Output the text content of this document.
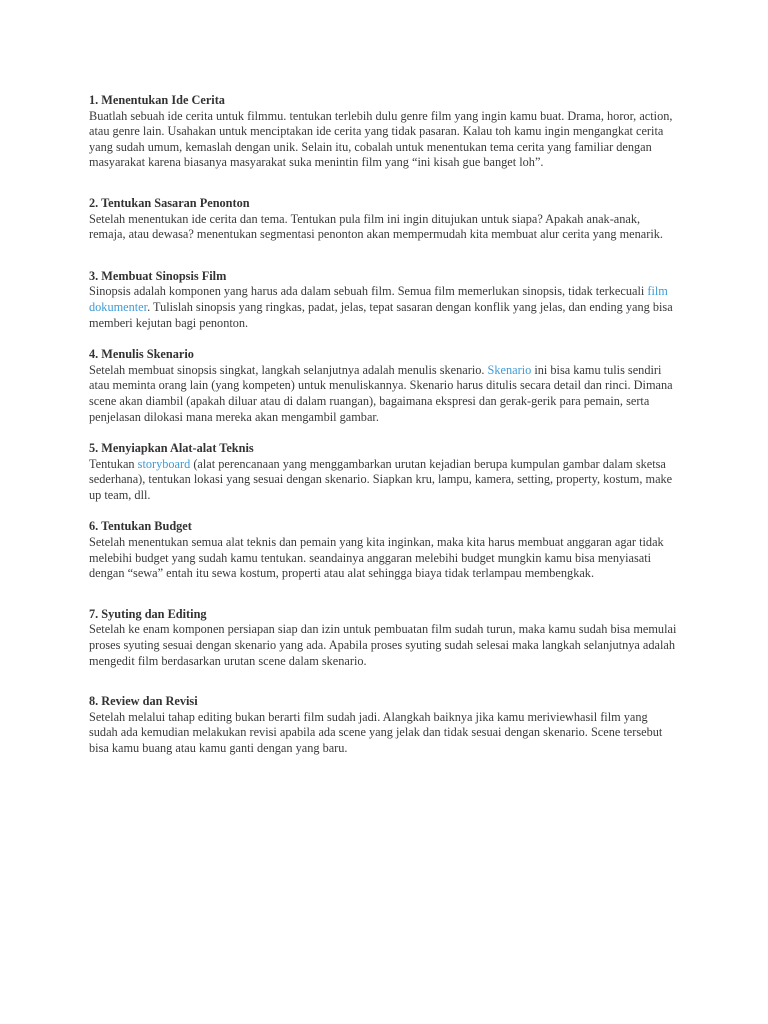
1. Menentukan Ide Cerita
Buatlah sebuah ide cerita untuk filmmu. tentukan terlebih dulu genre film yang ingin kamu buat. Drama, horor, action, atau genre lain. Usahakan untuk menciptakan ide cerita yang tidak pasaran. Kalau toh kamu ingin mengangkat cerita yang sudah umum, kemaslah dengan unik. Selain itu, cobalah untuk menentukan tema cerita yang familiar dengan masyarakat karena biasanya masyarakat suka menintin film yang “ini kisah gue banget loh”.
2. Tentukan Sasaran Penonton
Setelah menentukan ide cerita dan tema. Tentukan pula film ini ingin ditujukan untuk siapa? Apakah anak-anak, remaja, atau dewasa? menentukan segmentasi penonton akan mempermudah kita membuat alur cerita yang menarik.
3. Membuat Sinopsis Film
Sinopsis adalah komponen yang harus ada dalam sebuah film. Semua film memerlukan sinopsis, tidak terkecuali film dokumenter. Tulislah sinopsis yang ringkas, padat, jelas, tepat sasaran dengan konflik yang jelas, dan ending yang bisa memberi kejutan bagi penonton.
4. Menulis Skenario
Setelah membuat sinopsis singkat, langkah selanjutnya adalah menulis skenario. Skenario ini bisa kamu tulis sendiri atau meminta orang lain (yang kompeten) untuk menuliskannya. Skenario harus ditulis secara detail dan rinci. Dimana scene akan diambil (apakah diluar atau di dalam ruangan), bagaimana ekspresi dan gerak-gerik para pemain, serta penjelasan dilokasi mana mereka akan mengambil gambar.
5. Menyiapkan Alat-alat Teknis
Tentukan storyboard (alat perencanaan yang menggambarkan urutan kejadian berupa kumpulan gambar dalam sketsa sederhana), tentukan lokasi yang sesuai dengan skenario. Siapkan kru, lampu, kamera, setting, property, kostum, make up team, dll.
6. Tentukan Budget
Setelah menentukan semua alat teknis dan pemain yang kita inginkan, maka kita harus membuat anggaran agar tidak melebihi budget yang sudah kamu tentukan. seandainya anggaran melebihi budget mungkin kamu bisa menyiasati dengan “sewa” entah itu sewa kostum, properti atau alat sehingga biaya tidak terlampau membengkak.
7. Syuting dan Editing
Setelah ke enam komponen persiapan siap dan izin untuk pembuatan film sudah turun, maka kamu sudah bisa memulai proses syuting sesuai dengan skenario yang ada. Apabila proses syuting sudah selesai maka langkah selanjutnya adalah mengedit film berdasarkan urutan scene dalam skenario.
8. Review dan Revisi
Setelah melalui tahap editing bukan berarti film sudah jadi. Alangkah baiknya jika kamu meriviewhasil film yang sudah ada kemudian melakukan revisi apabila ada scene yang jelak dan tidak sesuai dengan skenario. Scene tersebut bisa kamu buang atau kamu ganti dengan yang baru.
